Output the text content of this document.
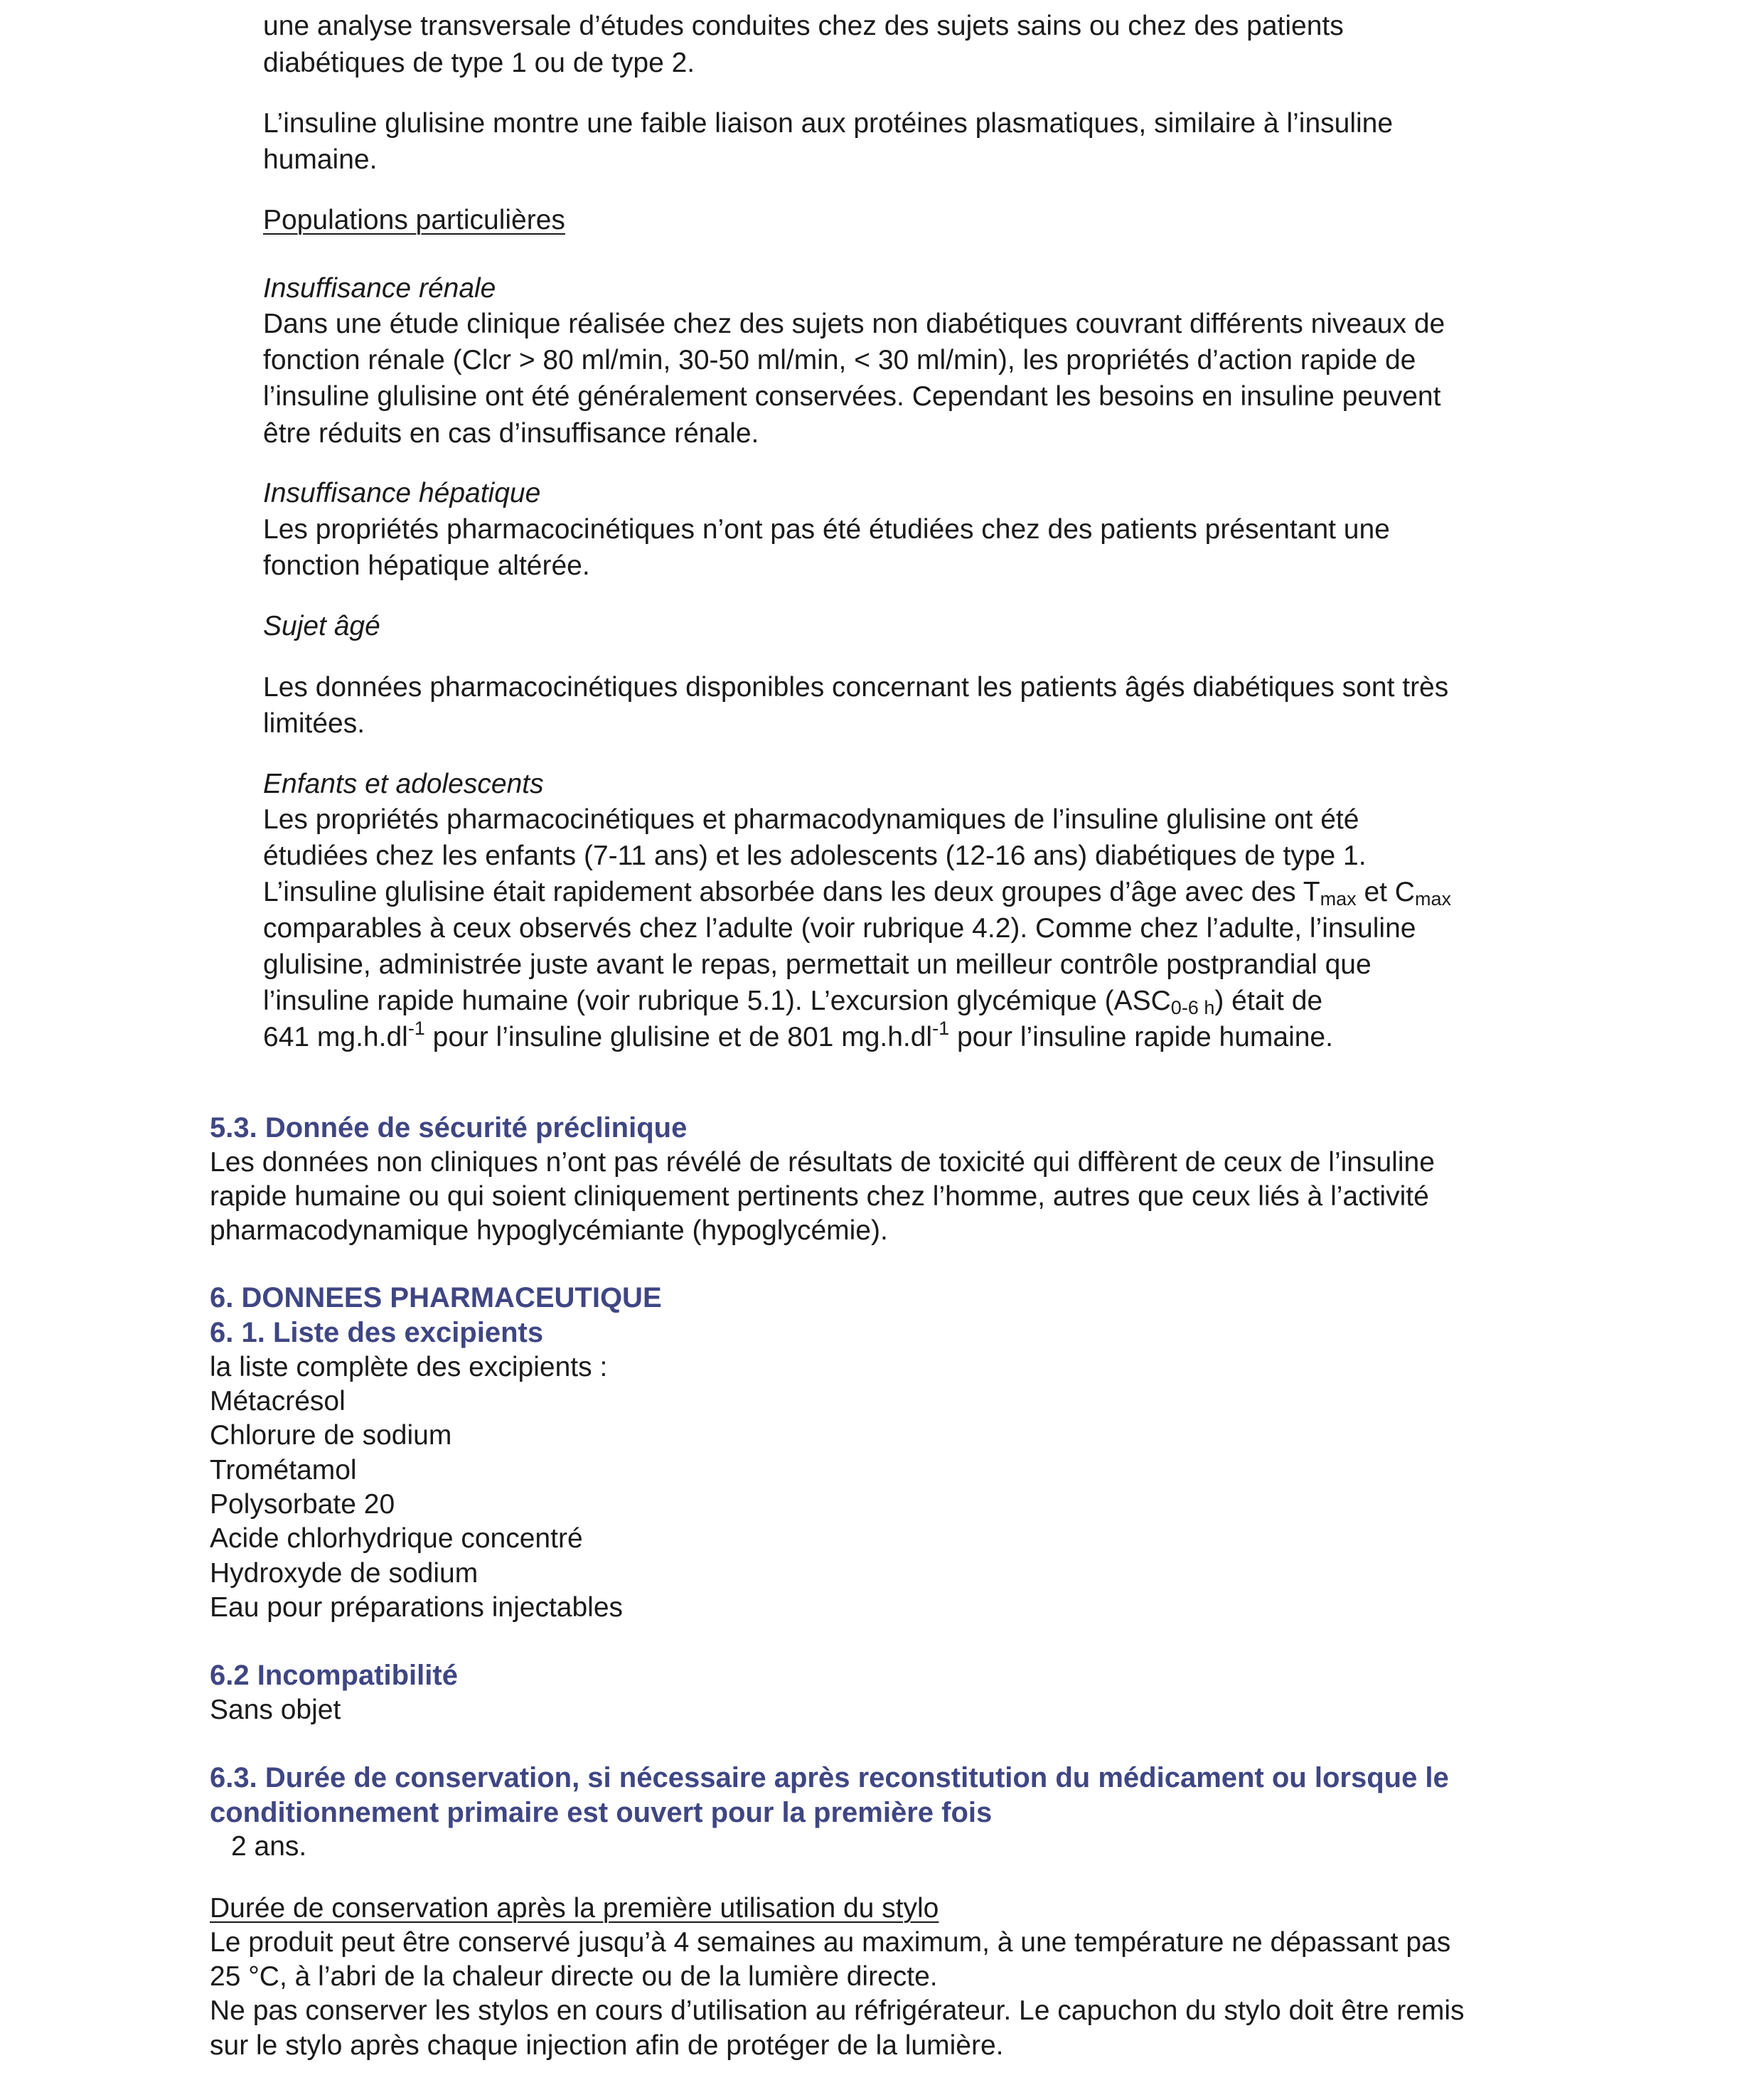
une analyse transversale d’études conduites chez des sujets sains ou chez des patients

diabétiques de type 1 ou de type 2.

L’insuline glulisine montre une faible liaison aux protéines plasmatiques, similaire à l’insuline

humaine.

Populations particulières

Insuffisance rénale

Dans une étude clinique réalisée chez des sujets non diabétiques couvrant différents niveaux de

fonction rénale (Clcr > 80 ml/min, 30-50 ml/min, < 30 ml/min), les propriétés d’action rapide de

l’insuline glulisine ont été généralement conservées. Cependant les besoins en insuline peuvent

être réduits en cas d’insuffisance rénale.

Insuffisance hépatique

Les propriétés pharmacocinétiques n’ont pas été étudiées chez des patients présentant une

fonction hépatique altérée.

Sujet âgé

Les données pharmacocinétiques disponibles concernant les patients âgés diabétiques sont très

limitées.

Enfants et adolescents

Les propriétés pharmacocinétiques et pharmacodynamiques de l’insuline glulisine ont été

étudiées chez les enfants (7-11 ans) et les adolescents (12-16 ans) diabétiques de type 1.

L’insuline glulisine était rapidement absorbée dans les deux groupes d’âge avec des $T_{max}$ et $C_{max}$

comparables à ceux observés chez l’adulte (voir rubrique 4.2). Comme chez l’adulte, l’insuline

glulisine, administrée juste avant le repas, permettait un meilleur contrôle postprandial que

l’insuline rapide humaine (voir rubrique 5.1). L’excursion glycémique $(ASC_{0-6 h})$ était de

641 $mg.h.dl^{-1}$ pour l’insuline glulisine et de 801 $mg.h.dl^{-1}$ pour l’insuline rapide humaine.

5.3. Donnée de sécurité préclinique

Les données non cliniques n’ont pas révélé de résultats de toxicité qui diffèrent de ceux de l’insuline

rapide humaine ou qui soient cliniquement pertinents chez l’homme, autres que ceux liés à l’activité

pharmacodynamique hypoglycémiante (hypoglycémie).

6. DONNEES PHARMACEUTIQUE

6. 1. Liste des excipients

la liste complète des excipients :

Métacrésol

Chlorure de sodium

Trométamol

Polysorbate 20

Acide chlorhydrique concentré

Hydroxyde de sodium

Eau pour préparations injectables

6.2 Incompatibilité

Sans objet

6.3. Durée de conservation, si nécessaire après reconstitution du médicament ou lorsque le

conditionnement primaire est ouvert pour la première fois

2 ans.

Durée de conservation après la première utilisation du stylo

Le produit peut être conservé jusqu’à 4 semaines au maximum, à une température ne dépassant pas

25 °C, à l’abri de la chaleur directe ou de la lumière directe.

Ne pas conserver les stylos en cours d’utilisation au réfrigérateur. Le capuchon du stylo doit être remis

sur le stylo après chaque injection afin de protéger de la lumière.
